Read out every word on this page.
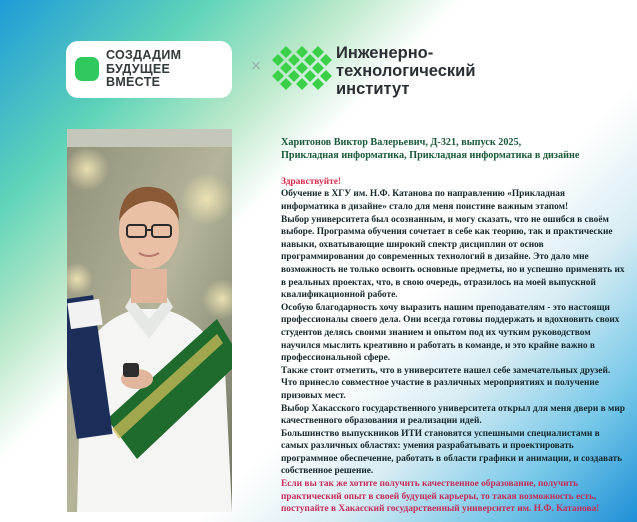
СОЗДАДИМ
БУДУЩЕЕ
ВМЕСТЕ
×
Инженерно-
технологический
институт
Харитонов Виктор Валерьевич, Д-321, выпуск 2025,
Прикладная информатика, Прикладная информатика в дизайне

Здравствуйте!

Обучение в ХГУ им. Н.Ф. Катанова по направлению «Прикладная информатика в дизайне» стало для меня поистине важным этапом!

Выбор университета был осознанным, и могу сказать, что не ошибся в своём выборе. Программа обучения сочетает в себе как теорию, так и практические навыки, охватывающие широкий спектр дисциплин от основ программирования до современных технологий в дизайне. Это дало мне возможность не только освоить основные предметы, но и успешно применять их в реальных проектах, что, в свою очередь, отразилось на моей выпускной квалификационной работе.

Особую благодарность хочу выразить нашим преподавателям - это настоящи профессионалы своего дела. Они всегда готовы поддержать и вдохновить своих студентов делясь своими знанием и опытом под их чутким руководством научился мыслить креативно и работать в команде, и это крайне важно в профессиональной сфере.

Также стоит отметить, что в университете нашел себе замечательных друзей. Что принесло совместное участие в различных мероприятиях и получение призовых мест.

Выбор Хакасского государственного университета открыл для меня двери в мир качественного образования и реализации идей.

Большинство выпускников ИТИ становятся успешными специалистами в самых различных областях: умения разрабатывать и проектировать программное обеспечение, работать в области графики и анимации, и создавать собственное решение.

Если вы так же хотите получить качественное образование, получить практический опыт в своей будущей карьеры, то такая возможность есть, поступайте в Хакасский государственный университет им. Н.Ф. Катанова!
